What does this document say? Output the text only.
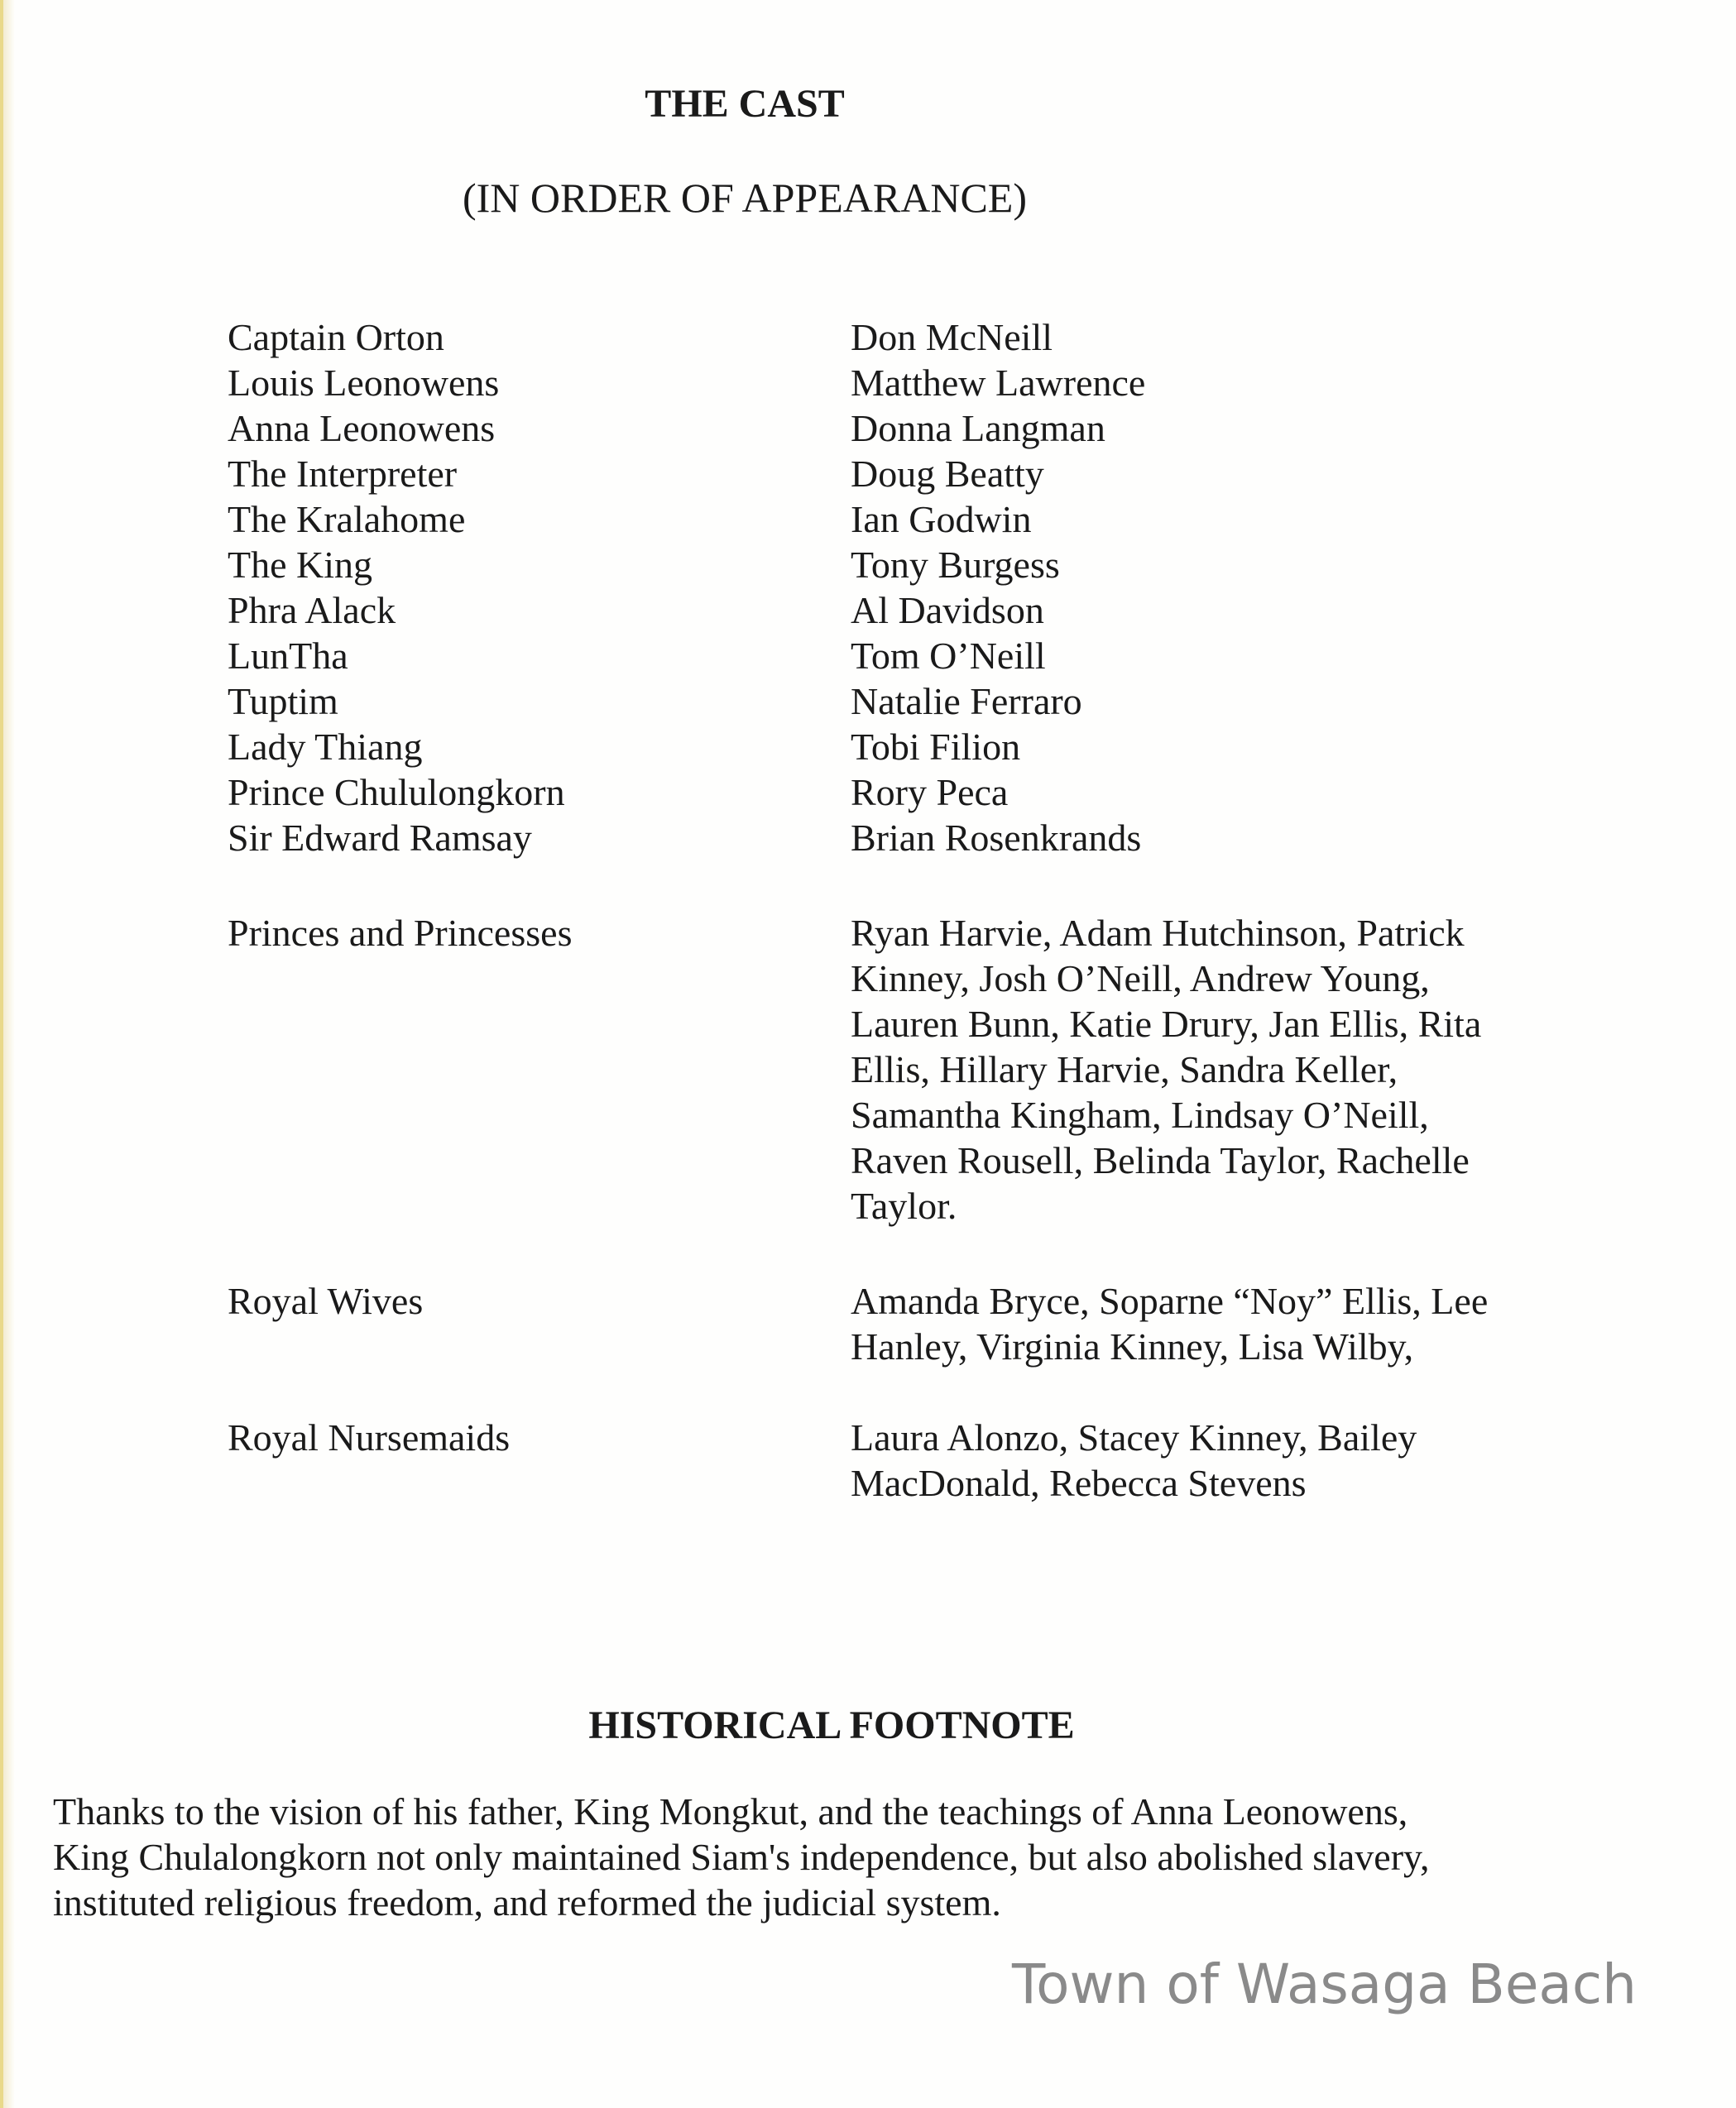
THE CAST
(IN ORDER OF APPEARANCE)
Captain Orton	Don McNeill
Louis Leonowens	Matthew Lawrence
Anna Leonowens	Donna Langman
The Interpreter	Doug Beatty
The Kralahome	Ian Godwin
The King	Tony Burgess
Phra Alack	Al Davidson
LunTha	Tom O’Neill
Tuptim	Natalie Ferraro
Lady Thiang	Tobi Filion
Prince Chululongkorn	Rory Peca
Sir Edward Ramsay	Brian Rosenkrands
Princes and Princesses	Ryan Harvie, Adam Hutchinson, Patrick
Kinney, Josh O’Neill, Andrew Young,
Lauren Bunn, Katie Drury, Jan Ellis, Rita
Ellis, Hillary Harvie, Sandra Keller,
Samantha Kingham, Lindsay O’Neill,
Raven Rousell, Belinda Taylor, Rachelle
Taylor.
Royal Wives	Amanda Bryce, Soparne “Noy” Ellis, Lee
Hanley, Virginia Kinney, Lisa Wilby,
Royal Nursemaids	Laura Alonzo, Stacey Kinney, Bailey
MacDonald, Rebecca Stevens
HISTORICAL FOOTNOTE
Thanks to the vision of his father, King Mongkut, and the teachings of Anna Leonowens,
King Chulalongkorn not only maintained Siam's independence, but also abolished slavery,
instituted religious freedom, and reformed the judicial system.
Town of Wasaga Beach
